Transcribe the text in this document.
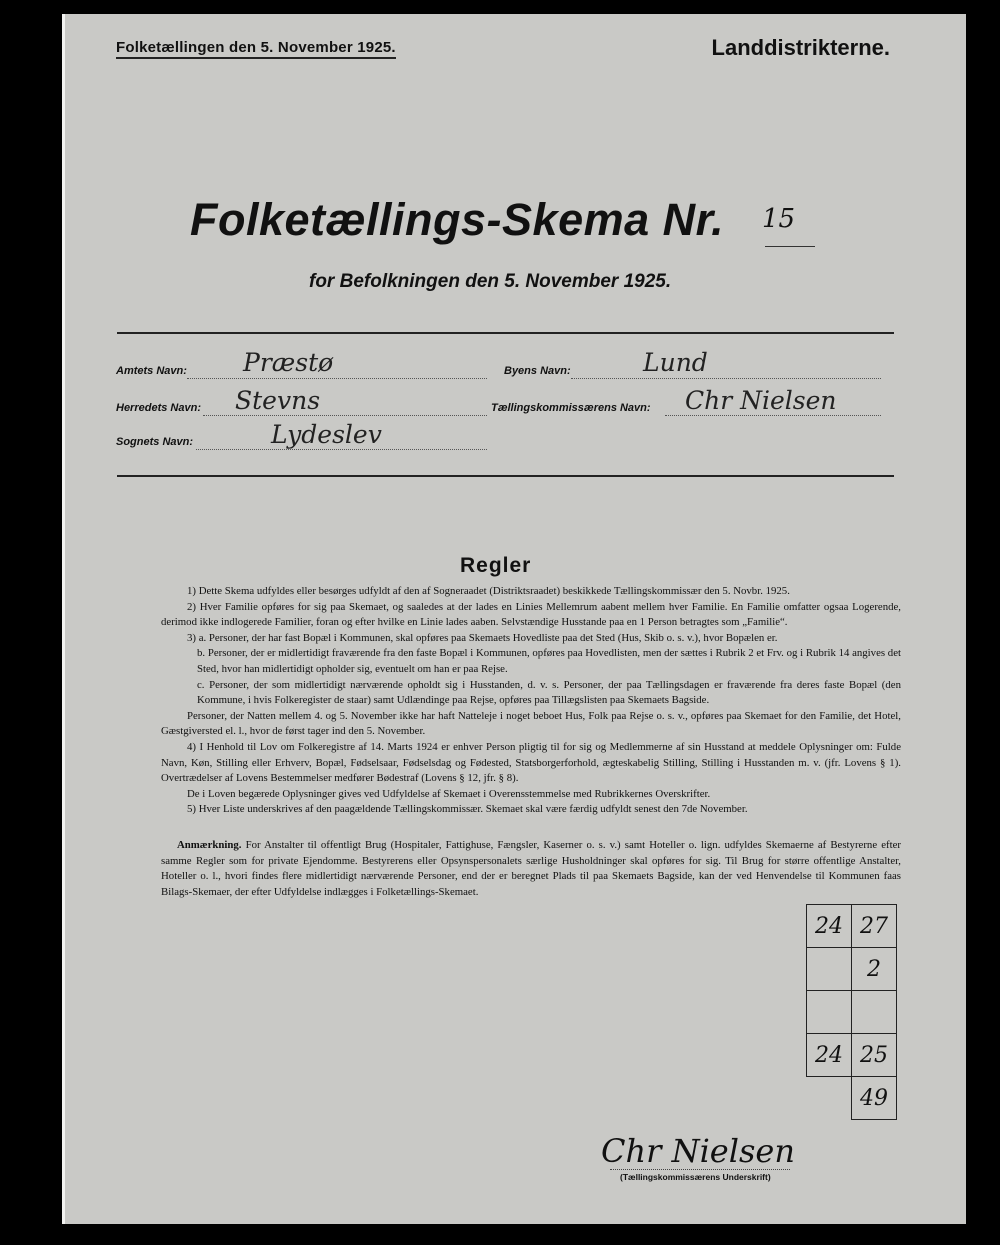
Folketællingen den 5. November 1925.	Landdistrikterne.
Folketællings-Skema Nr. 15
for Befolkningen den 5. November 1925.
Amtets Navn: Præstø
Herredets Navn: Stevns
Sognets Navn:	Lydeslev
Byens Navn:	Lund
Tællingskommissærens Navn: Chr Nielsen
Regler

1) Dette Skema udfyldes eller besørges udfyldt af den af Sogneraadet (Distriktsraadet) beskikkede Tællingskommissær den 5. Novbr. 1925.

2) Hver Familie opføres for sig paa Skemaet, og saaledes at der lades en Linies Mellemrum aabent mellem hver Familie. En Familie omfatter ogsaa Logerende, derimod ikke indlogerede Familier, foran og efter hvilke en Linie lades aaben. Selvstændige Husstande paa en 1 Person betragtes som „Familie“.

3) a. Personer, der har fast Bopæl i Kommunen, skal opføres paa Skemaets Hovedliste paa det Sted (Hus, Skib o. s. v.), hvor Bopælen er.

b. Personer, der er midlertidigt fraværende fra den faste Bopæl i Kommunen, opføres paa Hovedlisten, men der sættes i Rubrik 2 et Frv. og i Rubrik 14 angives det Sted, hvor han midlertidigt opholder sig, eventuelt om han er paa Rejse.

c. Personer, der som midlertidigt nærværende opholdt sig i Husstanden, d. v. s. Personer, der paa Tællingsdagen er fraværende fra deres faste Bopæl (den Kommune, i hvis Folkeregister de staar) samt Udlændinge paa Rejse, opføres paa Tillægslisten paa Skemaets Bagside.

Personer, der Natten mellem 4. og 5. November ikke har haft Natteleje i noget beboet Hus, Folk paa Rejse o. s. v., opføres paa Skemaet for den Familie, det Hotel, Gæstgiversted el. l., hvor de først tager ind den 5. November.

4) I Henhold til Lov om Folkeregistre af 14. Marts 1924 er enhver Person pligtig til for sig og Medlemmerne af sin Husstand at meddele Oplysninger om: Fulde Navn, Køn, Stilling eller Erhverv, Bopæl, Fødselsaar, Fødselsdag og Fødested, Statsborgerforhold, ægteskabelig Stilling, Stilling i Husstanden m. v. (jfr. Lovens § 1). Overtrædelser af Lovens Bestemmelser medfører Bødestraf (Lovens § 12, jfr. § 8).

De i Loven begærede Oplysninger gives ved Udfyldelse af Skemaet i Overensstemmelse med Rubrikkernes Overskrifter.

5) Hver Liste underskrives af den paagældende Tællingskommissær. Skemaet skal være færdig udfyldt senest den 7de November.

Anmærkning. For Anstalter til offentligt Brug (Hospitaler, Fattighuse, Fængsler, Kaserner o. s. v.) samt Hoteller o. lign. udfyldes Skemaerne af Bestyrerne efter samme Regler som for private Ejendomme. Bestyrerens eller Opsynspersonalets særlige Husholdninger skal opføres for sig. Til Brug for større offentlige Anstalter, Hoteller o. l., hvori findes flere midlertidigt nærværende Personer, end der er beregnet Plads til paa Skemaets Bagside, kan der ved Henvendelse til Kommunen faas Bilags-Skemaer, der efter Udfyldelse indlægges i Folketællings-Skemaet.
24	27
	2

24	25
	49
Chr Nielsen
(Tællingskommissærens Underskrift)
